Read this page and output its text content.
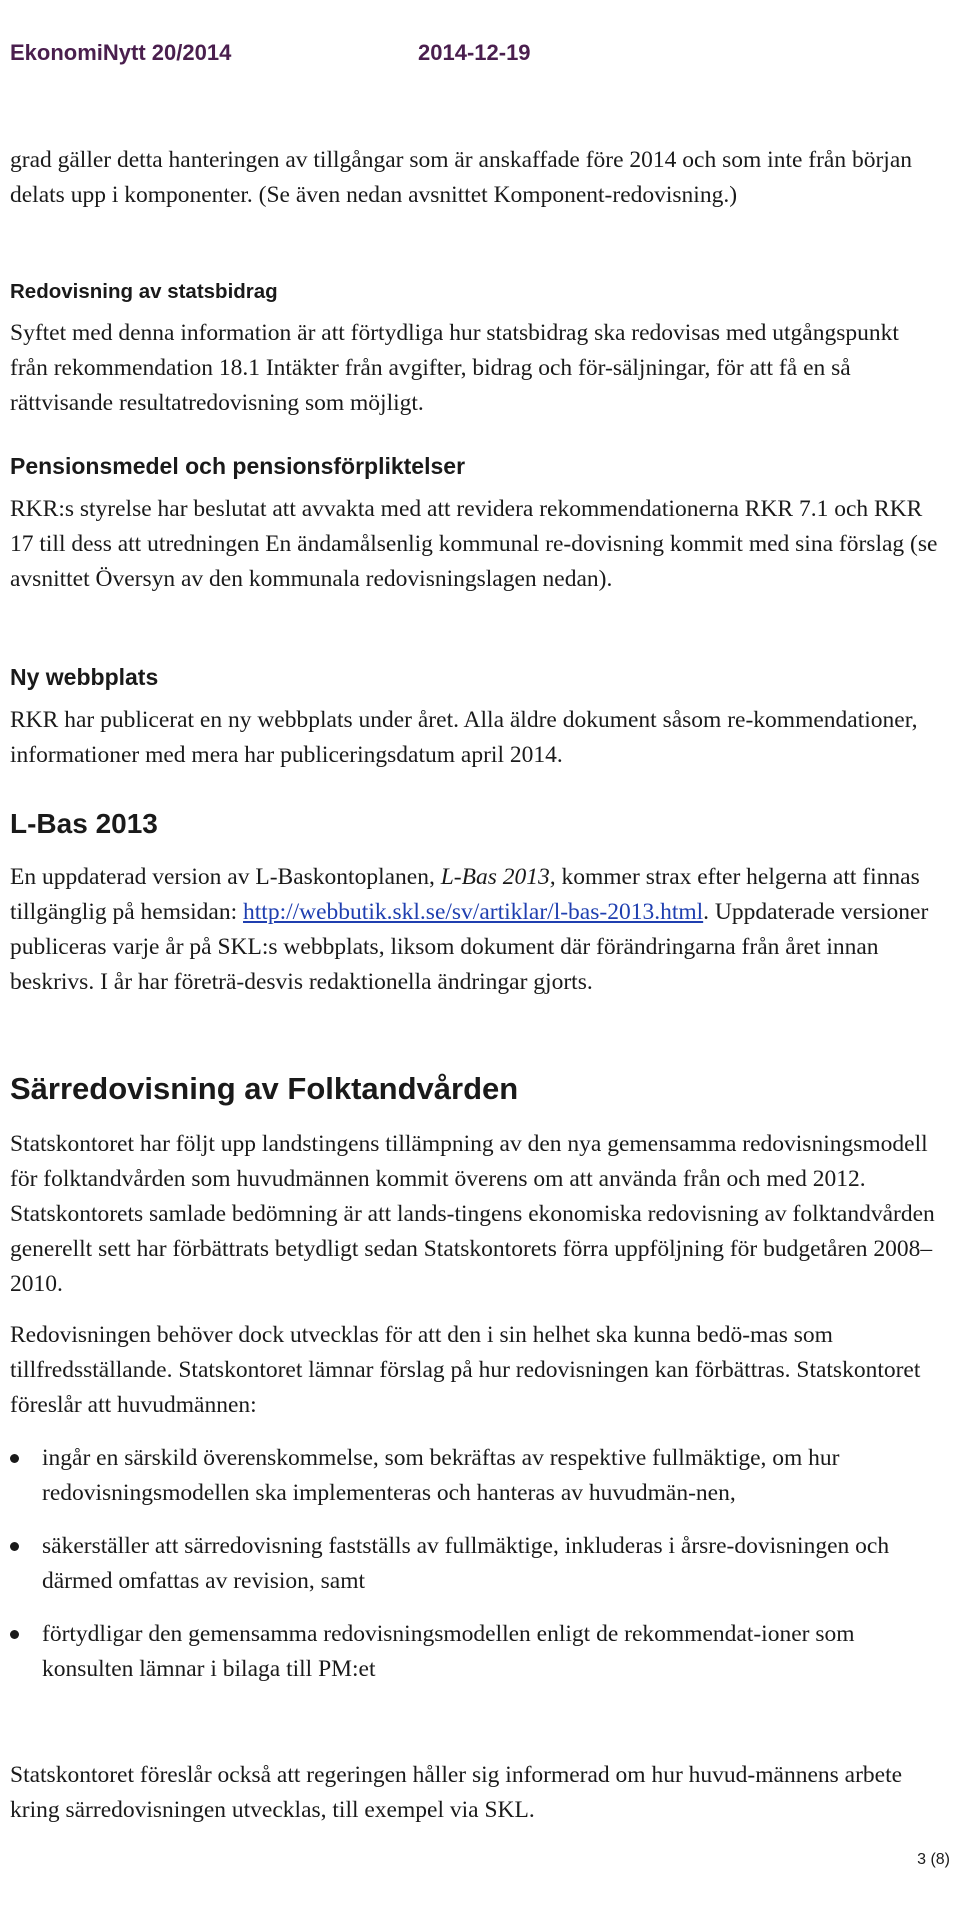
EkonomiNytt 20/2014	2014-12-19

grad gäller detta hanteringen av tillgångar som är anskaffade före 2014 och som inte från början delats upp i komponenter. (Se även nedan avsnittet Komponent-redovisning.)

Redovisning av statsbidrag

Syftet med denna information är att förtydliga hur statsbidrag ska redovisas med utgångspunkt från rekommendation 18.1 Intäkter från avgifter, bidrag och för-säljningar, för att få en så rättvisande resultatredovisning som möjligt.

Pensionsmedel och pensionsförpliktelser

RKR:s styrelse har beslutat att avvakta med att revidera rekommendationerna RKR 7.1 och RKR 17 till dess att utredningen En ändamålsenlig kommunal re-dovisning kommit med sina förslag (se avsnittet Översyn av den kommunala redovisningslagen nedan).

Ny webbplats

RKR har publicerat en ny webbplats under året. Alla äldre dokument såsom re-kommendationer, informationer med mera har publiceringsdatum april 2014.

L-Bas 2013

En uppdaterad version av L-Baskontoplanen, L-Bas 2013, kommer strax efter helgerna att finnas tillgänglig på hemsidan: http://webbutik.skl.se/sv/artiklar/l-bas-2013.html. Uppdaterade versioner publiceras varje år på SKL:s webbplats, liksom dokument där förändringarna från året innan beskrivs. I år har företrä-desvis redaktionella ändringar gjorts.

Särredovisning av Folktandvården

Statskontoret har följt upp landstingens tillämpning av den nya gemensamma redovisningsmodell för folktandvården som huvudmännen kommit överens om att använda från och med 2012. Statskontorets samlade bedömning är att lands-tingens ekonomiska redovisning av folktandvården generellt sett har förbättrats betydligt sedan Statskontorets förra uppföljning för budgetåren 2008–2010.

Redovisningen behöver dock utvecklas för att den i sin helhet ska kunna bedö-mas som tillfredsställande. Statskontoret lämnar förslag på hur redovisningen kan förbättras. Statskontoret föreslår att huvudmännen:

ingår en särskild överenskommelse, som bekräftas av respektive fullmäktige, om hur redovisningsmodellen ska implementeras och hanteras av huvudmän-nen,
säkerställer att särredovisning fastställs av fullmäktige, inkluderas i årsre-dovisningen och därmed omfattas av revision, samt
förtydligar den gemensamma redovisningsmodellen enligt de rekommendat-ioner som konsulten lämnar i bilaga till PM:et

Statskontoret föreslår också att regeringen håller sig informerad om hur huvud-männens arbete kring särredovisningen utvecklas, till exempel via SKL.

3 (8)
